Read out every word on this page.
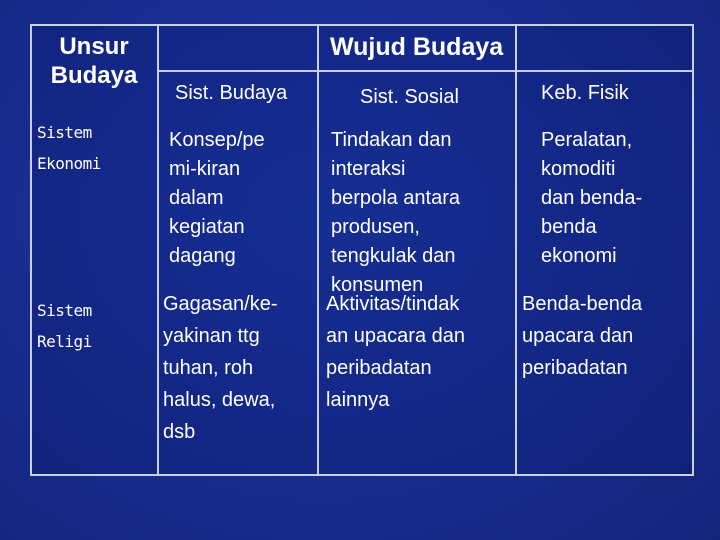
Unsur
Budaya
Wujud Budaya
Sist. Budaya	Sist. Sosial	Keb. Fisik
Sistem
Ekonomi
Konsep/pe
mi-kiran
dalam
kegiatan
dagang
Tindakan dan
interaksi
berpola antara
produsen,
tengkulak dan
konsumen
Peralatan,
komoditi
dan benda-
benda
ekonomi
Sistem
Religi
Gagasan/ke-
yakinan ttg
tuhan, roh
halus, dewa,
dsb
Aktivitas/tindak
an upacara dan
peribadatan
lainnya
Benda-benda
upacara dan
peribadatan
